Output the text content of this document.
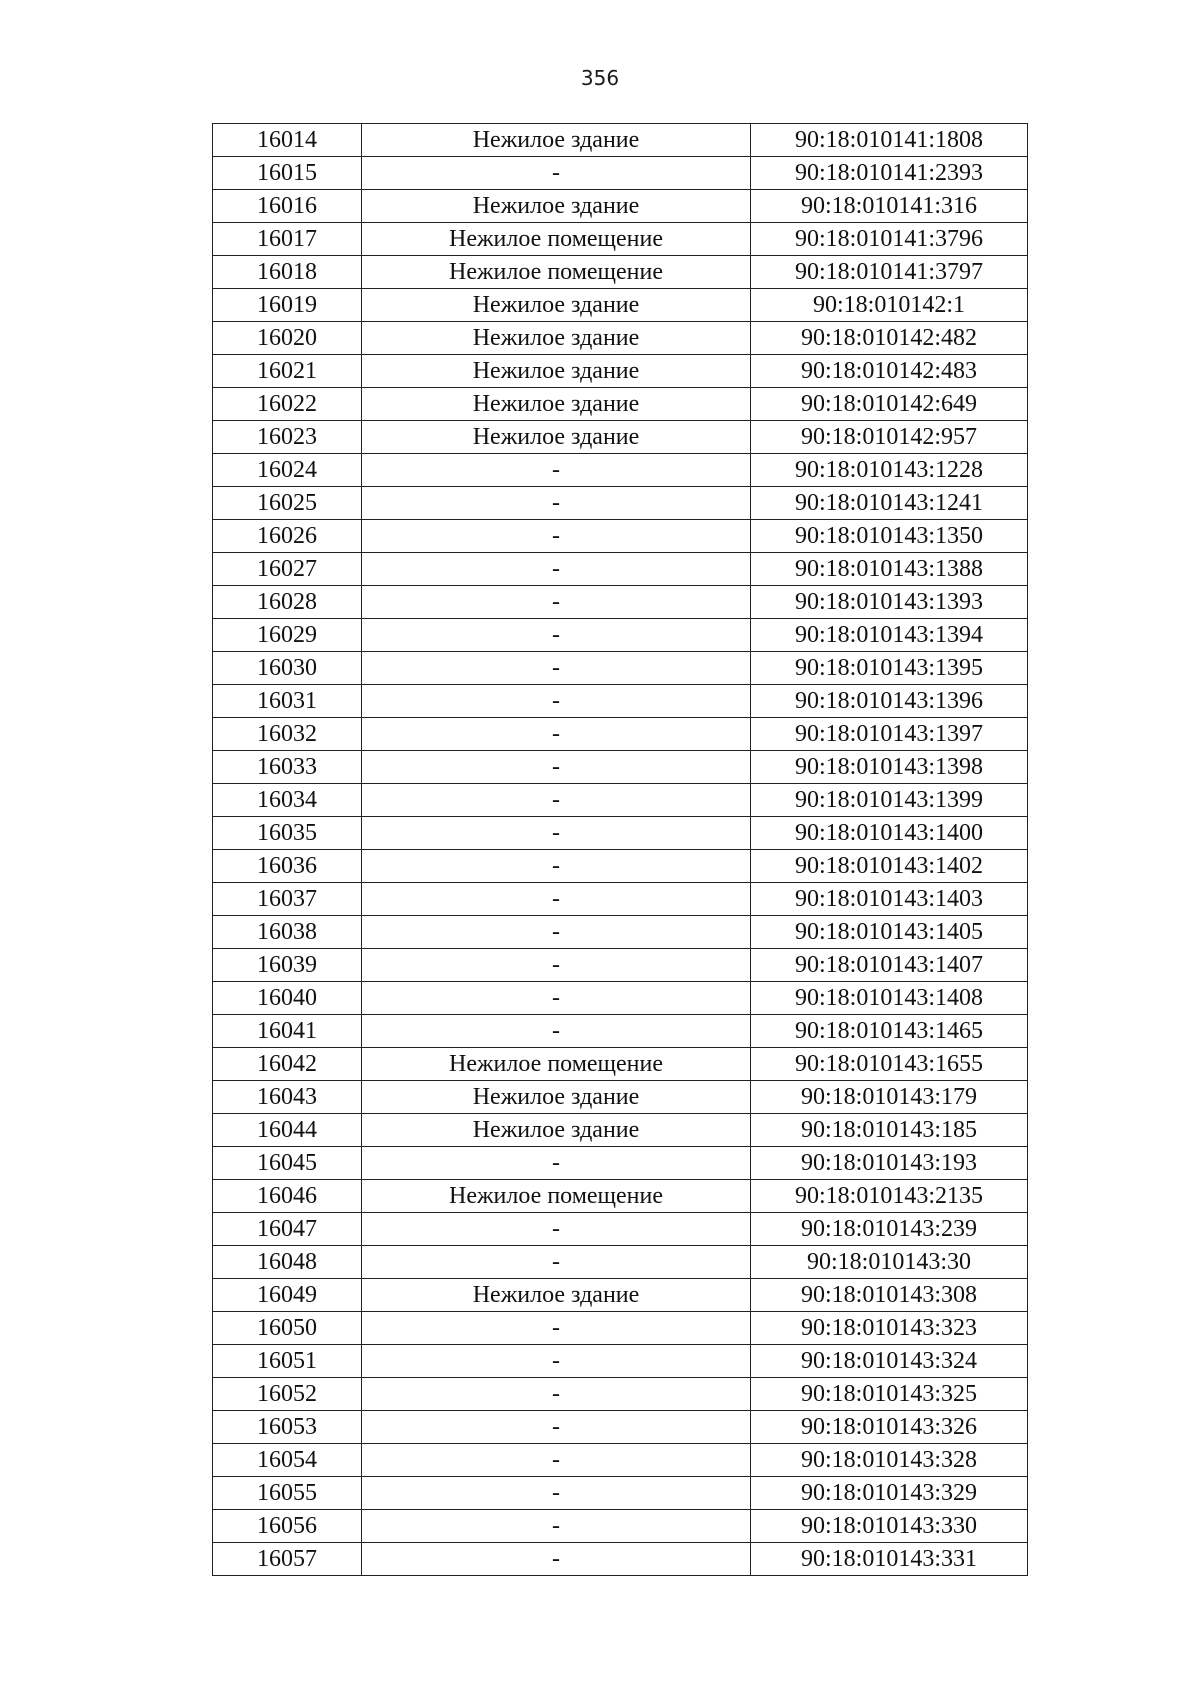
356
16014	Нежилое здание	90:18:010141:1808
16015	-	90:18:010141:2393
16016	Нежилое здание	90:18:010141:316
16017	Нежилое помещение	90:18:010141:3796
16018	Нежилое помещение	90:18:010141:3797
16019	Нежилое здание	90:18:010142:1
16020	Нежилое здание	90:18:010142:482
16021	Нежилое здание	90:18:010142:483
16022	Нежилое здание	90:18:010142:649
16023	Нежилое здание	90:18:010142:957
16024	-	90:18:010143:1228
16025	-	90:18:010143:1241
16026	-	90:18:010143:1350
16027	-	90:18:010143:1388
16028	-	90:18:010143:1393
16029	-	90:18:010143:1394
16030	-	90:18:010143:1395
16031	-	90:18:010143:1396
16032	-	90:18:010143:1397
16033	-	90:18:010143:1398
16034	-	90:18:010143:1399
16035	-	90:18:010143:1400
16036	-	90:18:010143:1402
16037	-	90:18:010143:1403
16038	-	90:18:010143:1405
16039	-	90:18:010143:1407
16040	-	90:18:010143:1408
16041	-	90:18:010143:1465
16042	Нежилое помещение	90:18:010143:1655
16043	Нежилое здание	90:18:010143:179
16044	Нежилое здание	90:18:010143:185
16045	-	90:18:010143:193
16046	Нежилое помещение	90:18:010143:2135
16047	-	90:18:010143:239
16048	-	90:18:010143:30
16049	Нежилое здание	90:18:010143:308
16050	-	90:18:010143:323
16051	-	90:18:010143:324
16052	-	90:18:010143:325
16053	-	90:18:010143:326
16054	-	90:18:010143:328
16055	-	90:18:010143:329
16056	-	90:18:010143:330
16057	-	90:18:010143:331
